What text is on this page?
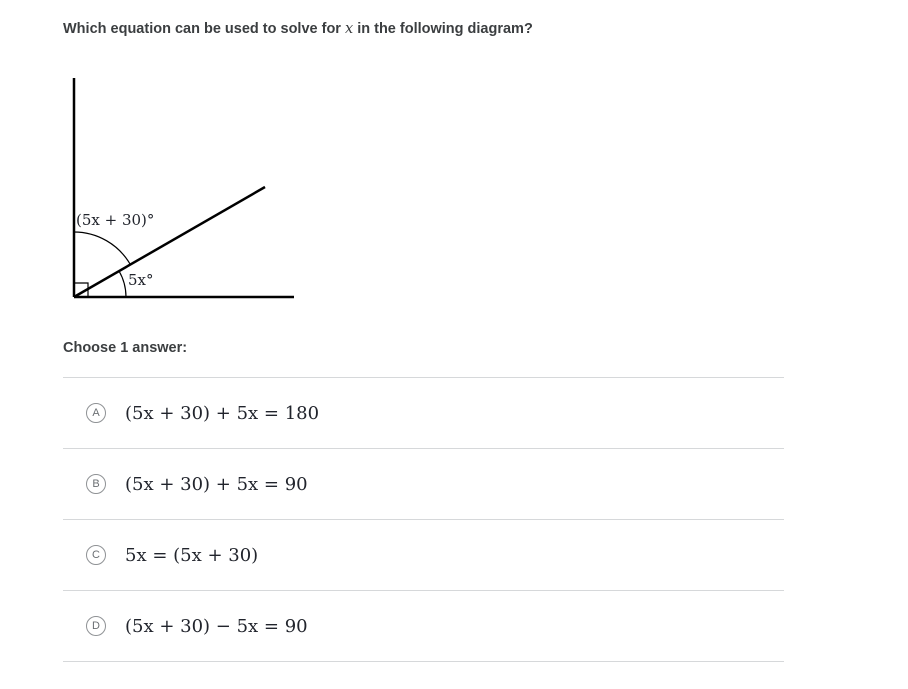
Which equation can be used to solve for x in the following diagram?
(5x + 30)°
5x°
Choose 1 answer:
A	(5x + 30) + 5x = 180
B	(5x + 30) + 5x = 90
C	5x = (5x + 30)
D	(5x + 30) − 5x = 90
